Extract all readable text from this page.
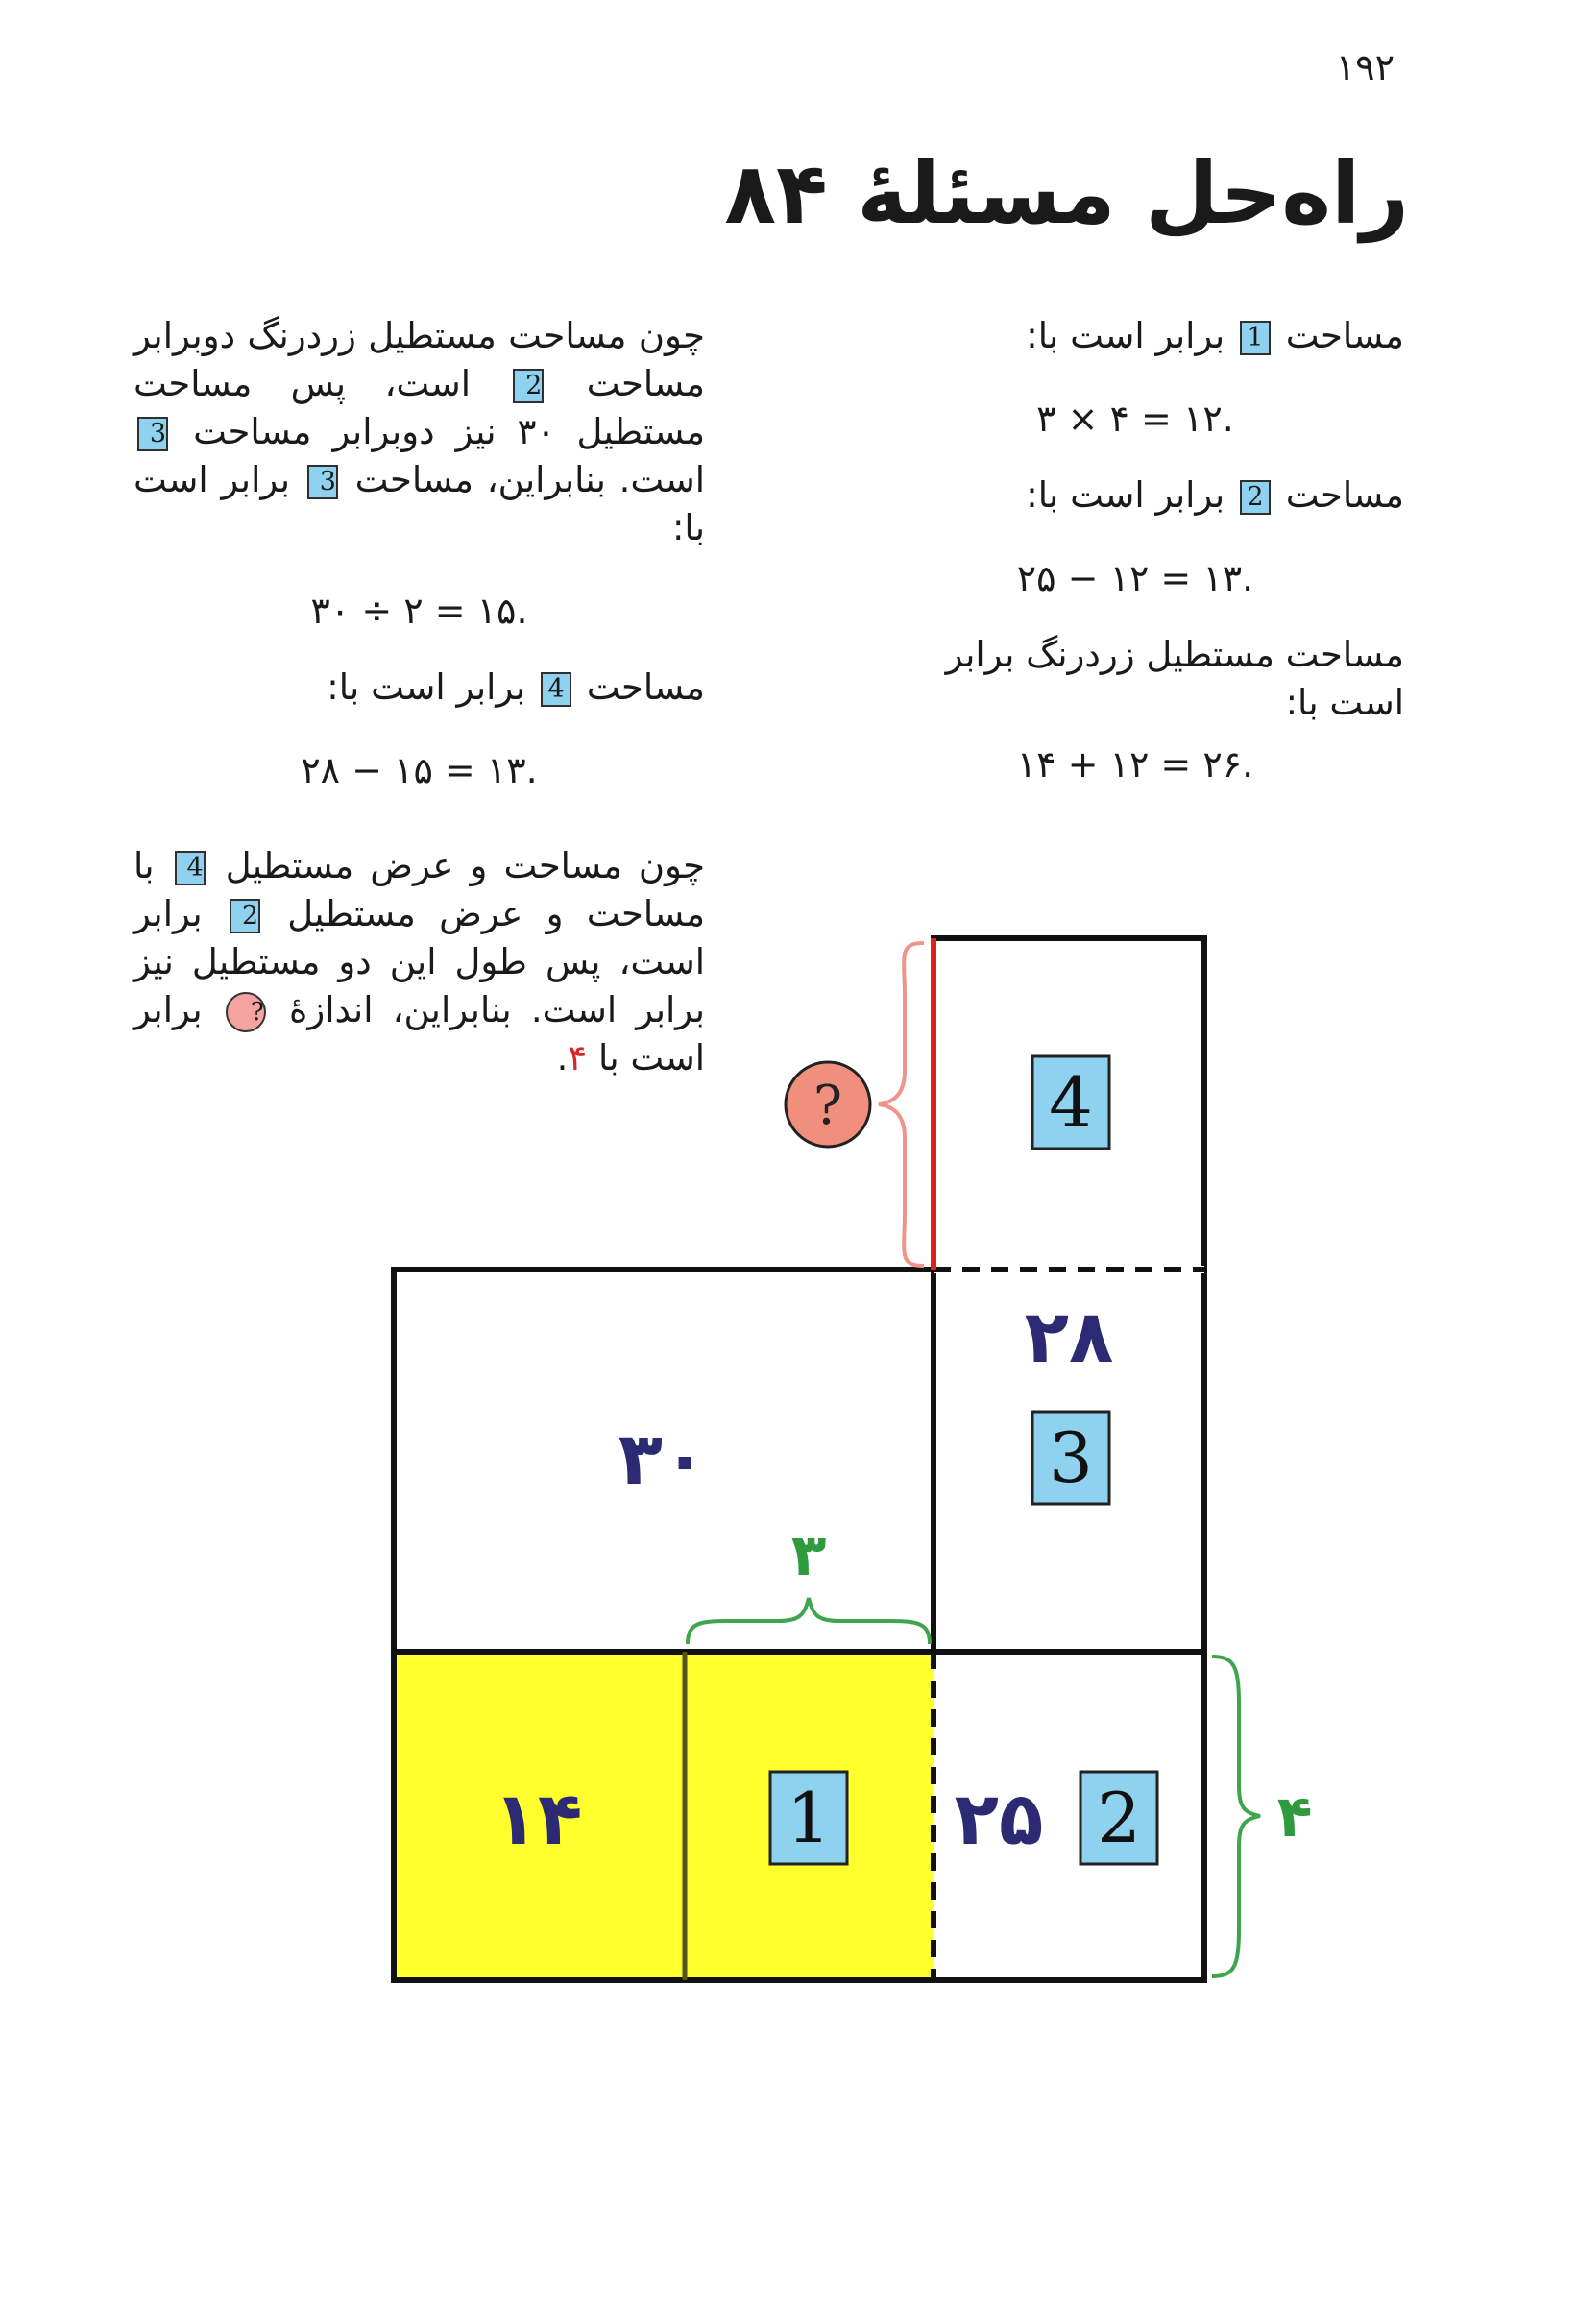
۱۹۲
راه‌حل مسئلهٔ ۸۴

مساحت 1 برابر است با:

۳ × ۴ = ۱۲.

مساحت 2 برابر است با:

۲۵ − ۱۲ = ۱۳.

مساحت مستطیل زردرنگ برابر است با:

۱۴ + ۱۲ = ۲۶.

چون مساحت مستطیل زردرنگ دوبرابر مساحت 2 است، پس مساحت مستطیل ۳۰ نیز دوبرابر مساحت 3 است. بنابراین، مساحت 3 برابر است با:

۳۰ ÷ ۲ = ۱۵.

مساحت 4 برابر است با:

۲۸ − ۱۵ = ۱۳.

چون مساحت و عرض مستطیل 4 با مساحت و عرض مستطیل 2 برابر است، پس طول این دو مستطیل نیز برابر است. بنابراین، اندازهٔ ? برابر است با ۴.

?	4
۲۸
3
۳۰
۳
۱۴	1 ۲۵ 2 ۴
